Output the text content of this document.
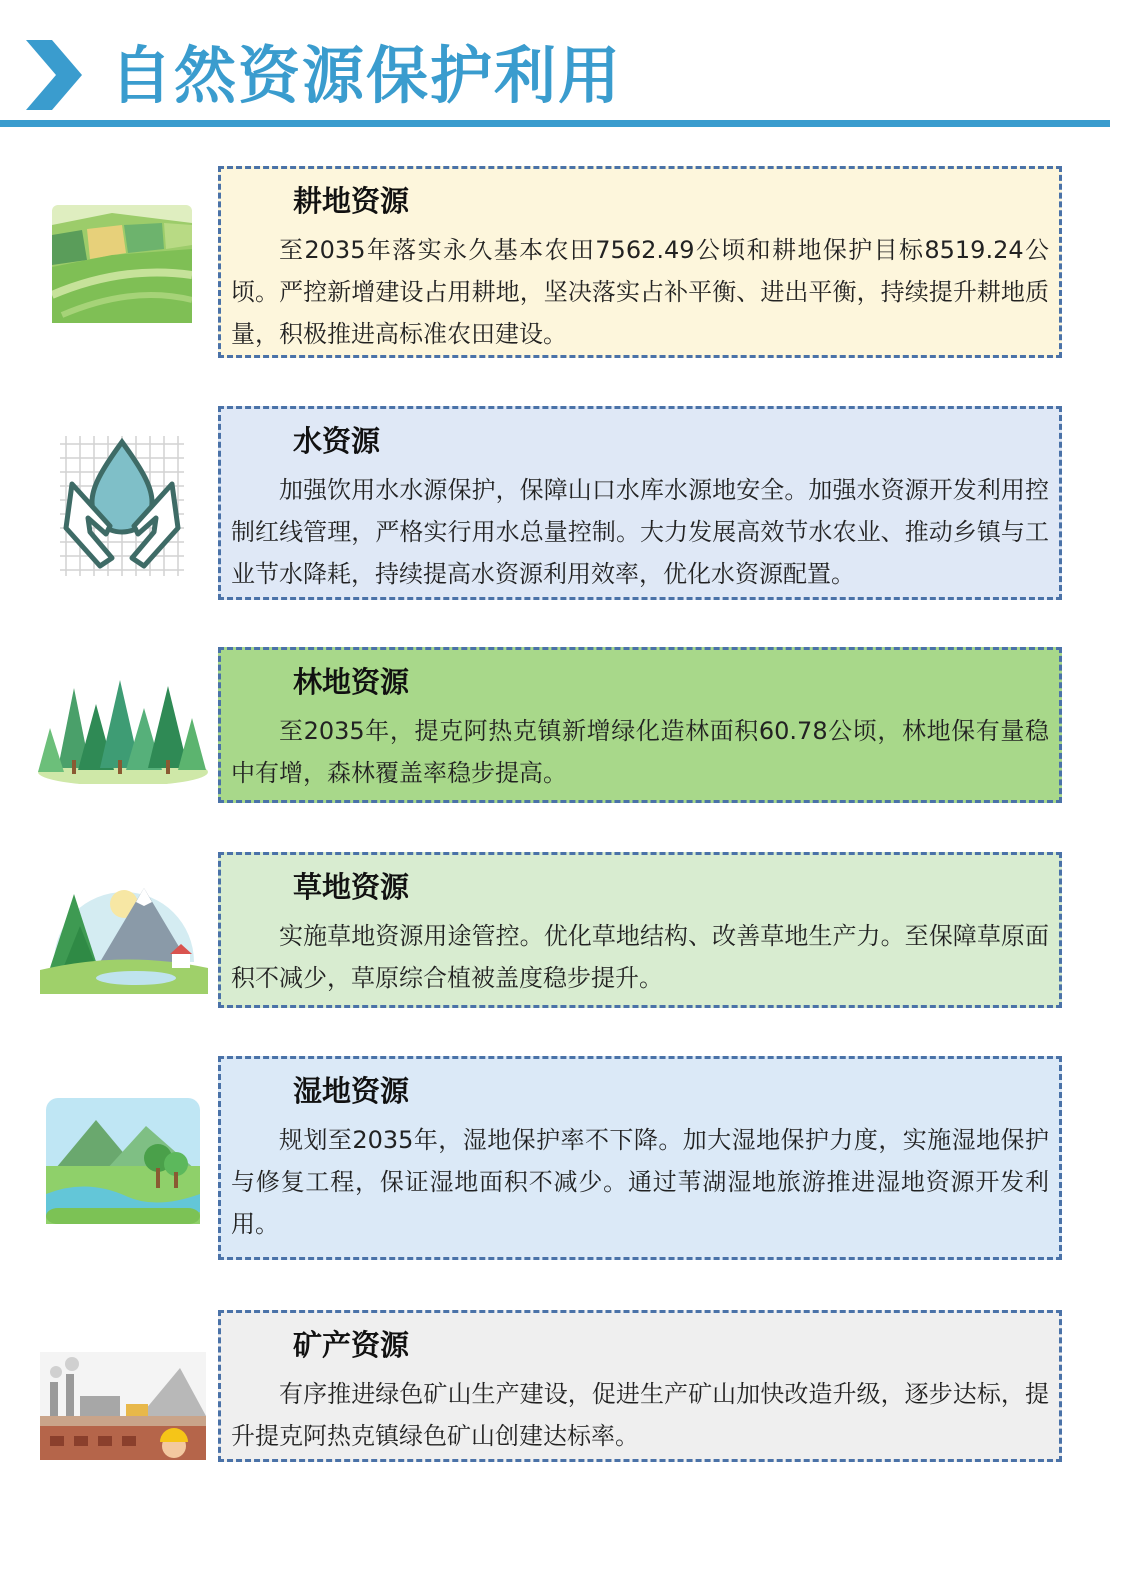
自然资源保护利用
耕地资源

至2035年落实永久基本农田7562.49公顷和耕地保护目标8519.24公顷。严控新增建设占用耕地，坚决落实占补平衡、进出平衡，持续提升耕地质量，积极推进高标准农田建设。

水资源

加强饮用水水源保护，保障山口水库水源地安全。加强水资源开发利用控制红线管理，严格实行用水总量控制。大力发展高效节水农业、推动乡镇与工业节水降耗，持续提高水资源利用效率，优化水资源配置。

林地资源

至2035年，提克阿热克镇新增绿化造林面积60.78公顷，林地保有量稳中有增，森林覆盖率稳步提高。

草地资源

实施草地资源用途管控。优化草地结构、改善草地生产力。至保障草原面积不减少，草原综合植被盖度稳步提升。

湿地资源

规划至2035年，湿地保护率不下降。加大湿地保护力度，实施湿地保护与修复工程，保证湿地面积不减少。通过苇湖湿地旅游推进湿地资源开发利用。

矿产资源

有序推进绿色矿山生产建设，促进生产矿山加快改造升级，逐步达标，提升提克阿热克镇绿色矿山创建达标率。
